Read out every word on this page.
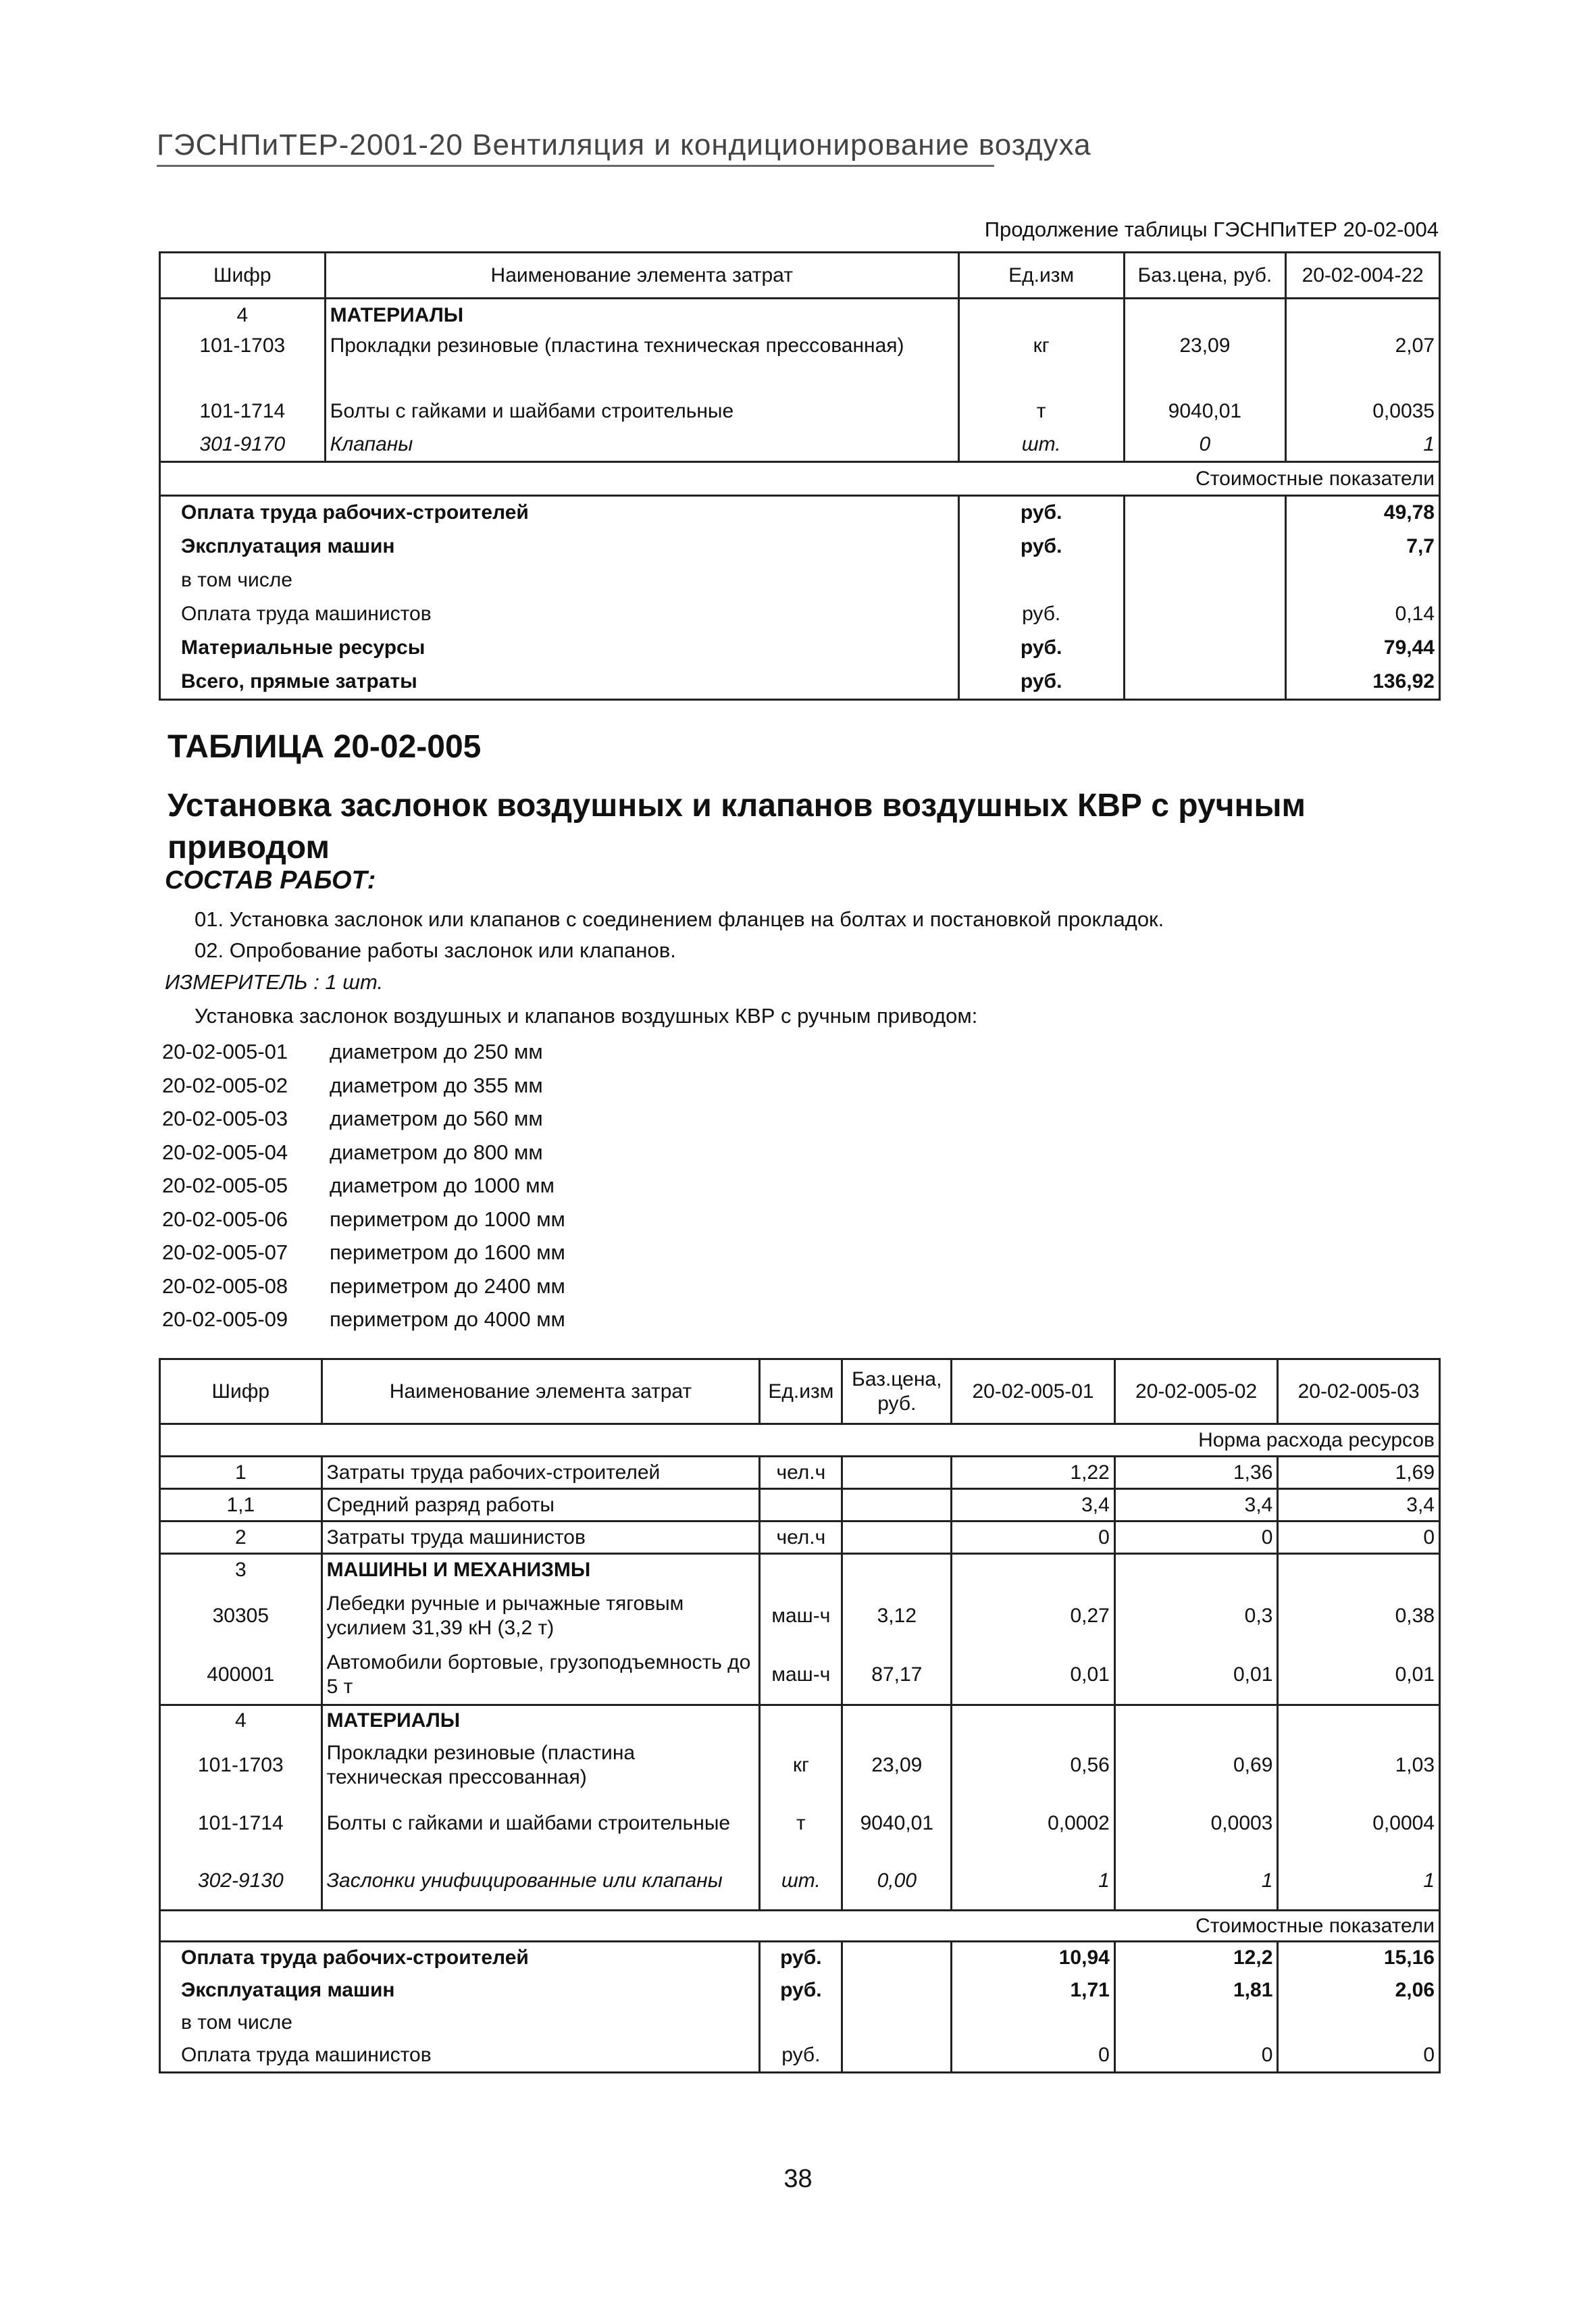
ГЭСНПиТЕР-2001-20 Вентиляция и кондиционирование воздуха
Продолжение таблицы ГЭСНПиТЕР 20-02-004
Шифр	Наименование элемента затрат	Ед.изм	Баз.цена, руб.	20-02-004-22
4	МАТЕРИАЛЫ			
101-1703	Прокладки резиновые (пластина техническая прессованная)	кг	23,09	2,07
101-1714	Болты с гайками и шайбами строительные	т	9040,01	0,0035
301-9170	Клапаны	шт.	0	1
Стоимостные показатели				
Оплата труда рабочих-строителей		руб.		49,78
Эксплуатация машин		руб.		7,7
в том числе				
Оплата труда машинистов		руб.		0,14
Материальные ресурсы		руб.		79,44
Всего, прямые затраты		руб.		136,92
ТАБЛИЦА 20-02-005
Установка заслонок воздушных и клапанов воздушных КВР с ручным приводом
СОСТАВ РАБОТ:
01. Установка заслонок или клапанов с соединением фланцев на болтах и постановкой прокладок.
02. Опробование работы заслонок или клапанов.
ИЗМЕРИТЕЛЬ : 1 шт.
Установка заслонок воздушных и клапанов воздушных КВР с ручным приводом:
20-02-005-01	диаметром до 250 мм
20-02-005-02	диаметром до 355 мм
20-02-005-03	диаметром до 560 мм
20-02-005-04	диаметром до 800 мм
20-02-005-05	диаметром до 1000 мм
20-02-005-06	периметром до 1000 мм
20-02-005-07	периметром до 1600 мм
20-02-005-08	периметром до 2400 мм
20-02-005-09	периметром до 4000 мм
Шифр	Наименование элемента затрат	Ед.изм	Баз.цена, руб.	20-02-005-01	20-02-005-02	20-02-005-03
Норма расхода ресурсов						
1	Затраты труда рабочих-строителей	чел.ч		1,22	1,36	1,69
1,1	Средний разряд работы			3,4	3,4	3,4
2	Затраты труда машинистов	чел.ч		0	0	0
3	МАШИНЫ И МЕХАНИЗМЫ					
30305	Лебедки ручные и рычажные тяговым усилием 31,39 кН (3,2 т)	маш-ч	3,12	0,27	0,3	0,38
400001	Автомобили бортовые, грузоподъемность до 5 т	маш-ч	87,17	0,01	0,01	0,01
4	МАТЕРИАЛЫ					
101-1703	Прокладки резиновые (пластина техническая прессованная)	кг	23,09	0,56	0,69	1,03
101-1714	Болты с гайками и шайбами строительные	т	9040,01	0,0002	0,0003	0,0004
302-9130	Заслонки унифицированные или клапаны	шт.	0,00	1	1	1
Стоимостные показатели						
Оплата труда рабочих-строителей		руб.		10,94	12,2	15,16
Эксплуатация машин		руб.		1,71	1,81	2,06
в том числе						
Оплата труда машинистов		руб.		0	0	0
38
